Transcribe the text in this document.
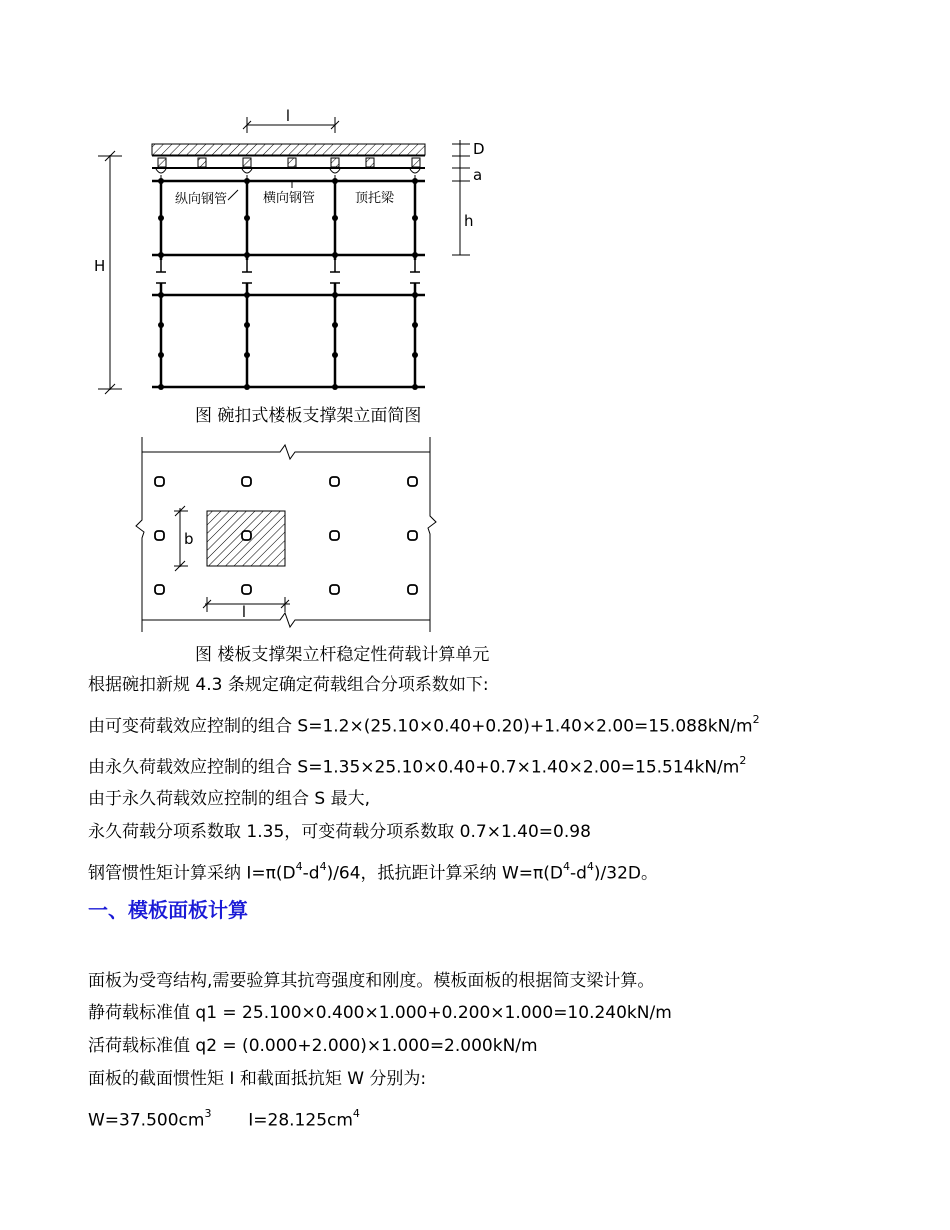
l
D
a
h
H
纵向钢管	横向钢管	顶托梁
图 碗扣式楼板支撑架立面简图
b
l
图 楼板支撑架立杆稳定性荷载计算单元
根据碗扣新规 4.3 条规定确定荷载组合分项系数如下:
由可变荷载效应控制的组合 $S=1.2\times(25.10\times 0.40+0.20)+1.40\times 2.00=15.088kN/m^2$
由永久荷载效应控制的组合 $S=1.35\times 25.10\times 0.40+0.7\times 1.40\times 2.00=15.514kN/m^2$
由于永久荷载效应控制的组合 S 最大,
永久荷载分项系数取 1.35，可变荷载分项系数取 0.7×1.40=0.98
钢管惯性矩计算采纳 $I=\pi(D^4-d^4)/64$，抵抗距计算采纳 $W=\pi(D^4-d^4)/32D$。
一、模板面板计算
面板为受弯结构,需要验算其抗弯强度和刚度。模板面板的根据简支梁计算。
静荷载标准值 q1 = 25.100×0.400×1.000+0.200×1.000=10.240kN/m
活荷载标准值 q2 = (0.000+2.000)×1.000=2.000kN/m
面板的截面惯性矩 I 和截面抵抗矩 W 分别为:
$W=37.500cm^3$ $I=28.125cm^4$
